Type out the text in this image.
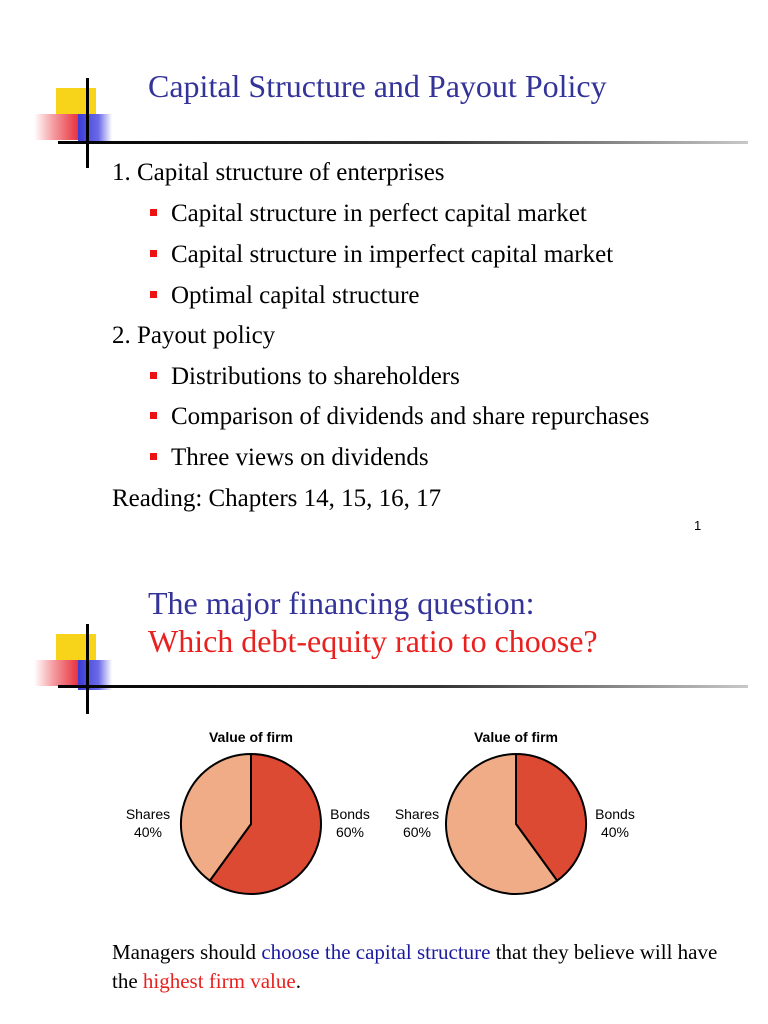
Capital Structure and Payout Policy
1. Capital structure of enterprises
Capital structure in perfect capital market
Capital structure in imperfect capital market
Optimal capital structure
2. Payout policy
Distributions to shareholders
Comparison of dividends and share repurchases
Three views on dividends
Reading: Chapters 14, 15, 16, 17
1
The major financing question:
Which debt-equity ratio to choose?
Value of firm
Shares
40%
Bonds
60%
Value of firm
Shares
60%
Bonds
40%
Managers should choose the capital structure that they believe will have the highest firm value.
